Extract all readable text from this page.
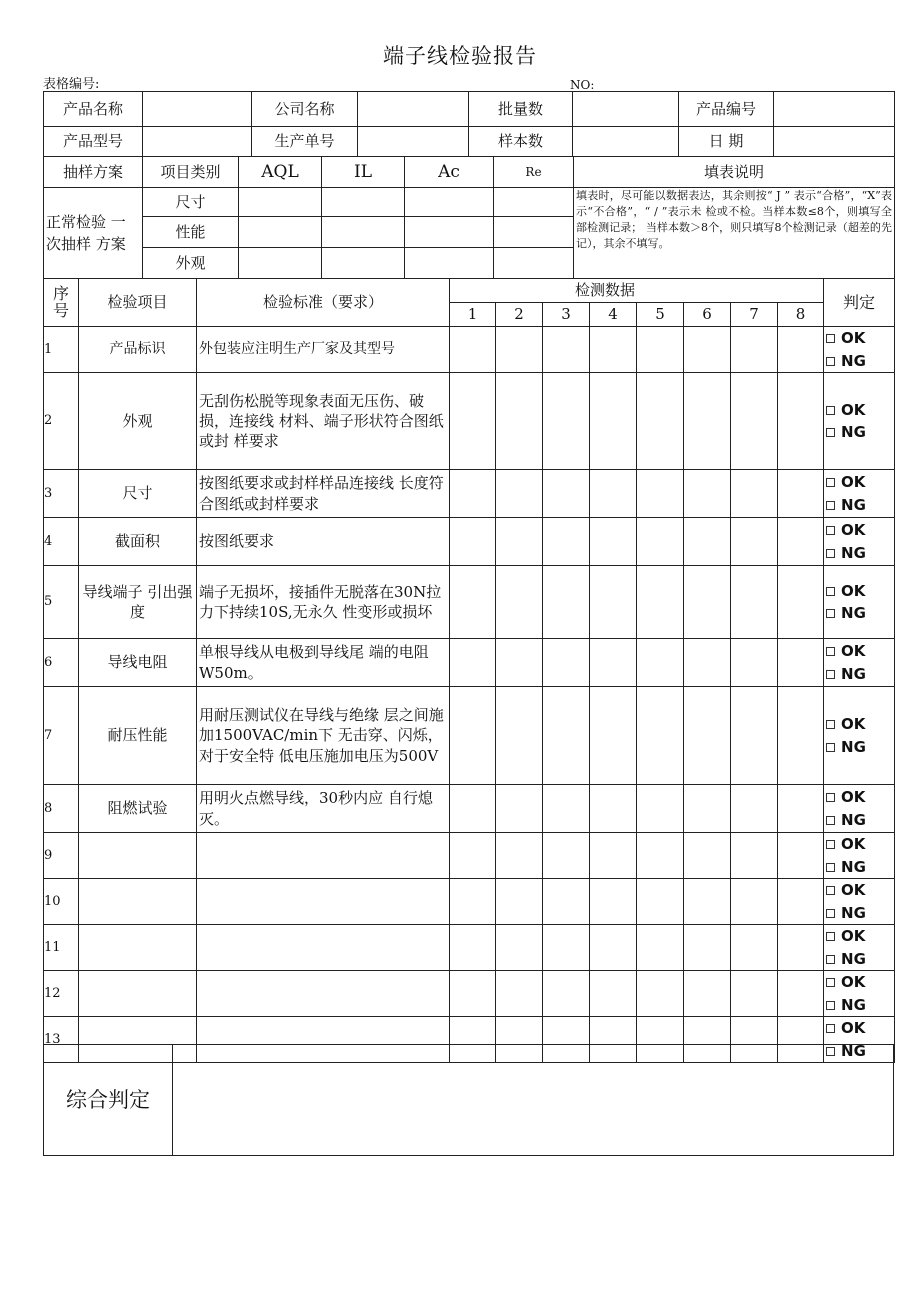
端子线检验报告
表格编号:	NO:
产品名称		公司名称		批量数		产品编号	
产品型号		生产单号		样本数		日 期	
抽样方案	项目类别	AQL	IL	Ac	Re	填表说明
正常检验 一次抽样 方案	尺寸					填表时，尽可能以数据表达，其余则按“ J ” 表示“合格”，“X”表示“不合格”，“ / ”表示未 检或不检。当样本数≤8个，则填写全部检测记录； 当样本数＞8个，则只填写8个检测记录（超差的先 记），其余不填写。
	性能					
	外观					
序号	检验项目	检验标准（要求）	检测数据								判定
			1	2	3	4	5	6	7	8	
1	产品标识	外包装应注明生产厂家及其型号									OK
NG

2	外观	无刮伤松脱等现象表面无压伤、破损，连接线 材料、端子形状符合图纸或封 样要求									OK
NG

3	尺寸	按图纸要求或封样样品连接线 长度符合图纸或封样要求									OK
NG

4	截面积	按图纸要求									OK
NG

5	导线端子 引出强度	端子无损坏，接插件无脱落在30N拉力下持续10S,无永久 性变形或损坏									OK
NG

6	导线电阻	单根导线从电极到导线尾 端的电阻W50m。									OK
NG

7	耐压性能	用耐压测试仪在导线与绝缘 层之间施加1500VAC/min下 无击穿、闪烁，对于安全特 低电压施加电压为500V									OK
NG

8	阻燃试验	用明火点燃导线，30秒内应 自行熄灭。									OK
NG

9											OK
NG

10											OK
NG

11											OK
NG

12											OK
NG

13											OK
NG
综合判定	
